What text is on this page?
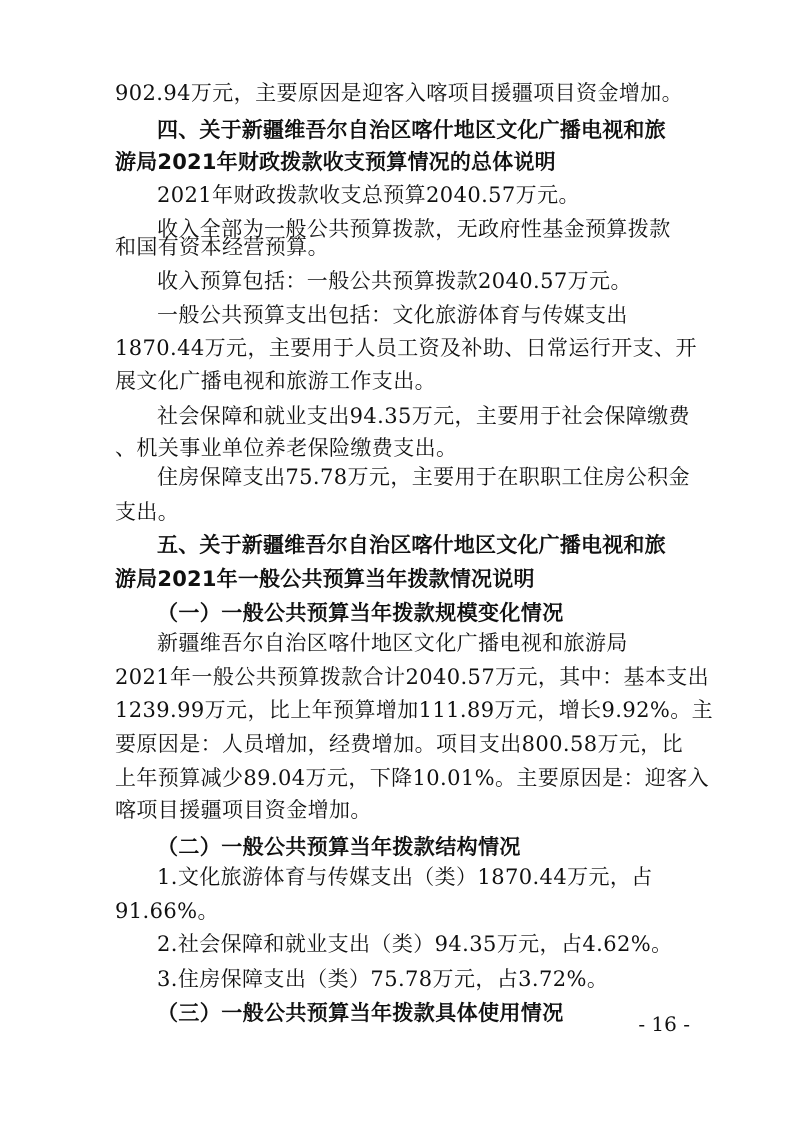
902.94万元，主要原因是迎客入喀项目援疆项目资金增加。
四、关于新疆维吾尔自治区喀什地区文化广播电视和旅
游局2021年财政拨款收支预算情况的总体说明
2021年财政拨款收支总预算2040.57万元。
收入全部为一般公共预算拨款，无政府性基金预算拨款
和国有资本经营预算。
收入预算包括：一般公共预算拨款2040.57万元。
一般公共预算支出包括：文化旅游体育与传媒支出
1870.44万元，主要用于人员工资及补助、日常运行开支、开
展文化广播电视和旅游工作支出。
社会保障和就业支出94.35万元，主要用于社会保障缴费
、机关事业单位养老保险缴费支出。
住房保障支出75.78万元，主要用于在职职工住房公积金
支出。
五、关于新疆维吾尔自治区喀什地区文化广播电视和旅
游局2021年一般公共预算当年拨款情况说明
（一）一般公共预算当年拨款规模变化情况
新疆维吾尔自治区喀什地区文化广播电视和旅游局
2021年一般公共预算拨款合计2040.57万元，其中：基本支出
1239.99万元，比上年预算增加111.89万元，增长9.92%。主
要原因是：人员增加，经费增加。项目支出800.58万元，比
上年预算减少89.04万元，下降10.01%。主要原因是：迎客入
喀项目援疆项目资金增加。
（二）一般公共预算当年拨款结构情况
1.文化旅游体育与传媒支出（类）1870.44万元，占
91.66%。
2.社会保障和就业支出（类）94.35万元，占4.62%。
3.住房保障支出（类）75.78万元，占3.72%。
（三）一般公共预算当年拨款具体使用情况	- 16 -
